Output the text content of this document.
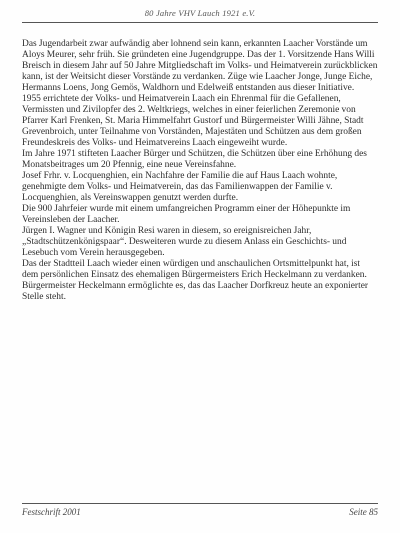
80 Jahre VHV Lauch 1921 e.V.

Das Jugendarbeit zwar aufwändig aber lohnend sein kann, erkannten Laacher Vorstände um Aloys Meurer, sehr früh. Sie gründeten eine Jugendgruppe. Das der 1. Vorsitzende Hans Willi Breisch in diesem Jahr auf 50 Jahre Mitgliedschaft im Volks- und Heimatverein zurückblicken kann, ist der Weitsicht dieser Vorstände zu verdanken. Züge wie Laacher Jonge, Junge Eiche, Hermanns Loens, Jong Gemös, Waldhorn und Edelweiß entstanden aus dieser Initiative.

1955 errichtete der Volks- und Heimatverein Laach ein Ehrenmal für die Gefallenen, Vermissten und Zivilopfer des 2. Weltkriegs, welches in einer feierlichen Zeremonie von Pfarrer Karl Frenken, St. Maria Himmelfahrt Gustorf und Bürgermeister Willi Jähne, Stadt Grevenbroich, unter Teilnahme von Vorständen, Majestäten und Schützen aus dem großen Freundeskreis des Volks- und Heimatvereins Laach eingeweiht wurde.

Im Jahre 1971 stifteten Laacher Bürger und Schützen, die Schützen über eine Erhöhung des Monatsbeitrages um 20 Pfennig, eine neue Vereinsfahne.

Josef Frhr. v. Locquenghien, ein Nachfahre der Familie die auf Haus Laach wohnte, genehmigte dem Volks- und Heimatverein, das das Familienwappen der Familie v. Locquenghien, als Vereinswappen genutzt werden durfte.

Die 900 Jahrfeier wurde mit einem umfangreichen Programm einer der Höhepunkte im Vereinsleben der Laacher.

Jürgen I. Wagner und Königin Resi waren in diesem, so ereignisreichen Jahr, „Stadtschützenkönigspaar“. Desweiteren wurde zu diesem Anlass ein Geschichts- und Lesebuch vom Verein herausgegeben.

Das der Stadtteil Laach wieder einen würdigen und anschaulichen Ortsmittelpunkt hat, ist dem persönlichen Einsatz des ehemaligen Bürgermeisters Erich Heckelmann zu verdanken. Bürgermeister Heckelmann ermöglichte es, das das Laacher Dorfkreuz heute an exponierter Stelle steht.

Festschrift 2001	Seite 85
